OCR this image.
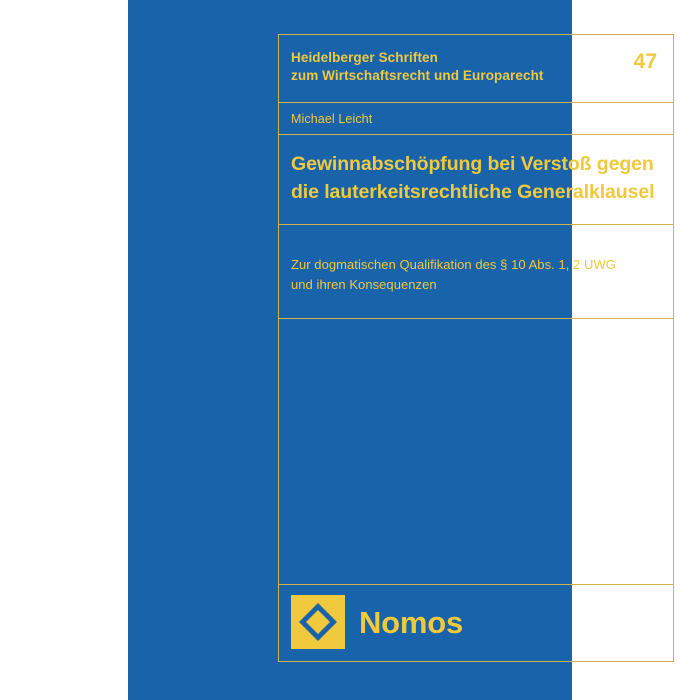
Heidelberger Schriften
zum Wirtschaftsrecht und Europarecht
47
Michael Leicht
Gewinnabschöpfung bei Verstoß gegen
die lauterkeitsrechtliche Generalklausel
Zur dogmatischen Qualifikation des § 10 Abs. 1, 2 UWG
und ihren Konsequenzen
Nomos
